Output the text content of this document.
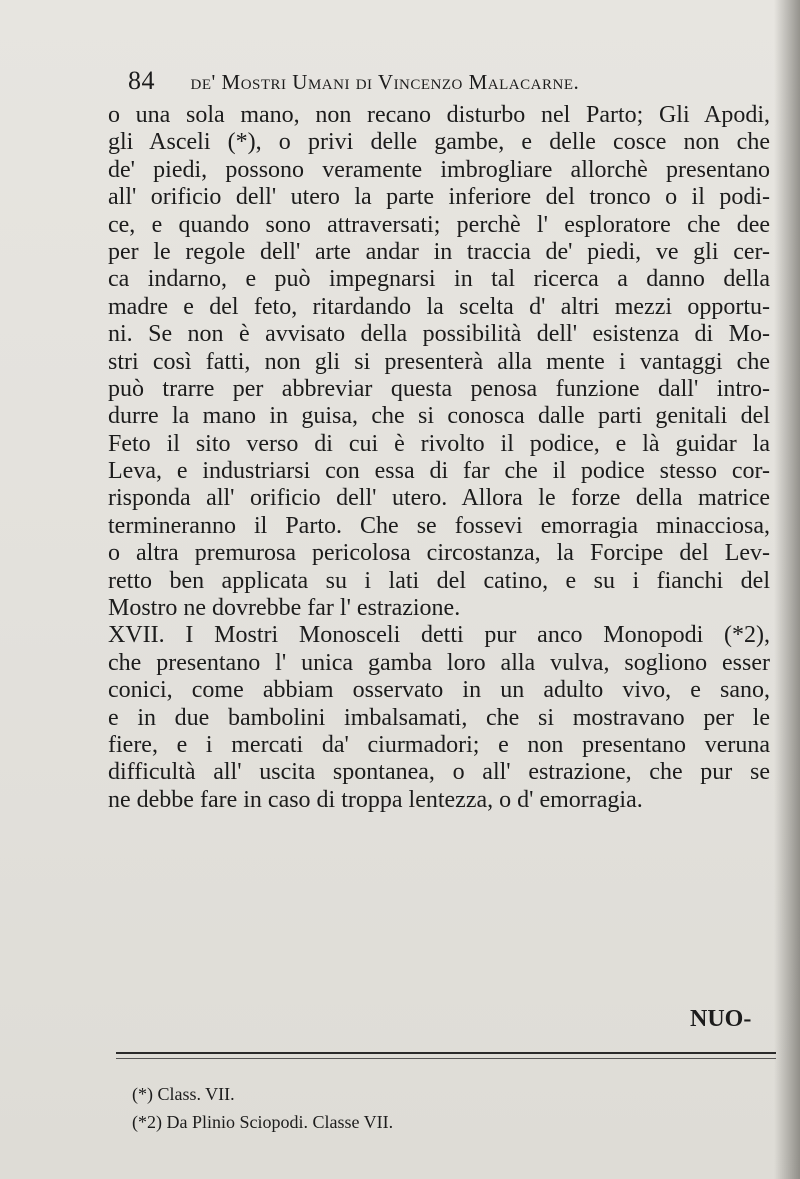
84 de' Mostri Umani di Vincenzo Malacarne.
o una sola mano, non recano disturbo nel Parto; Gli Apodi,
gli Asceli (*), o privi delle gambe, e delle cosce non che
de' piedi, possono veramente imbrogliare allorchè presentano
all' orificio dell' utero la parte inferiore del tronco o il podi-
ce, e quando sono attraversati; perchè l' esploratore che dee
per le regole dell' arte andar in traccia de' piedi, ve gli cer-
ca indarno, e può impegnarsi in tal ricerca a danno della
madre e del feto, ritardando la scelta d' altri mezzi opportu-
ni. Se non è avvisato della possibilità dell' esistenza di Mo-
stri così fatti, non gli si presenterà alla mente i vantaggi che
può trarre per abbreviar questa penosa funzione dall' intro-
durre la mano in guisa, che si conosca dalle parti genitali del
Feto il sito verso di cui è rivolto il podice, e là guidar la
Leva, e industriarsi con essa di far che il podice stesso cor-
risponda all' orificio dell' utero. Allora le forze della matrice
termineranno il Parto. Che se fossevi emorragia minacciosa,
o altra premurosa pericolosa circostanza, la Forcipe del Lev-
retto ben applicata su i lati del catino, e su i fianchi del
Mostro ne dovrebbe far l' estrazione.
XVII. I Mostri Monosceli detti pur anco Monopodi (*2),
che presentano l' unica gamba loro alla vulva, sogliono esser
conici, come abbiam osservato in un adulto vivo, e sano,
e in due bambolini imbalsamati, che si mostravano per le
fiere, e i mercati da' ciurmadori; e non presentano veruna
difficultà all' uscita spontanea, o all' estrazione, che pur se
ne debbe fare in caso di troppa lentezza, o d' emorragia.
NUO-
(*) Class. VII.
(*2) Da Plinio Sciopodi. Classe VII.
